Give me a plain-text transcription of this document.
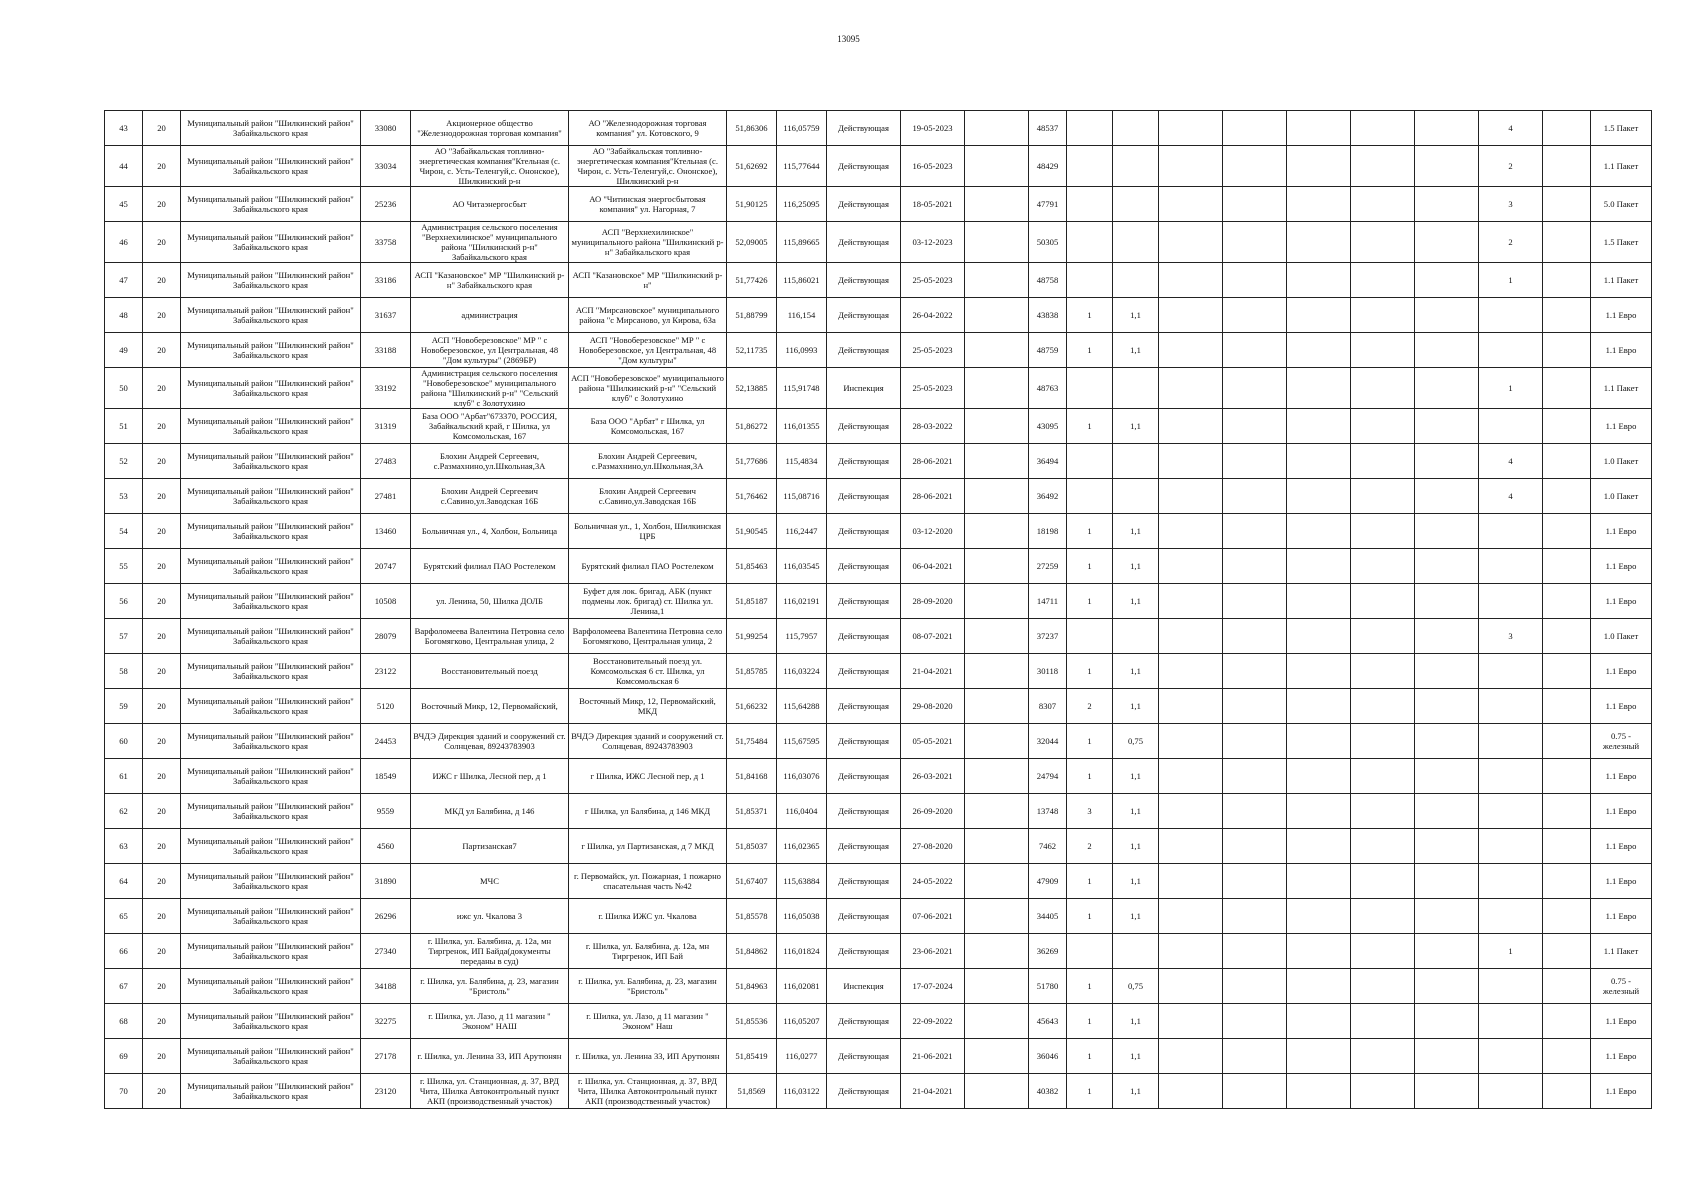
13095
43	20	Муниципальный район "Шилкинский район" Забайкальского края	33080	Акционерное общество "Железнодорожная торговая компания"	АО "Железнодорожная торговая компания" ул. Котовского, 9	51,86306	116,05759	Действующая	19-05-2023		48537								4		1.5 Пакет
44	20	Муниципальный район "Шилкинский район" Забайкальского края	33034	АО "Забайкальская топливно-энергетическая компания"Ктельная (с. Чирон, с. Усть-Теленгуй,с. Ононское), Шилкинский р-н	АО "Забайкальская топливно-энергетическая компания"Ктельная (с. Чирон, с. Усть-Теленгуй,с. Ононское), Шилкинский р-н	51,62692	115,77644	Действующая	16-05-2023		48429								2		1.1 Пакет
45	20	Муниципальный район "Шилкинский район" Забайкальского края	25236	АО Читаэнергосбыт	АО "Читинская энергосбытовая компания" ул. Нагорная, 7	51,90125	116,25095	Действующая	18-05-2021		47791								3		5.0 Пакет
46	20	Муниципальный район "Шилкинский район" Забайкальского края	33758	Администрация сельского поселения "Верхнехилинское" муниципального района "Шилкинский р-н" Забайкальского края	АСП "Верхнехилинское" муниципального района "Шилкинский р-н" Забайкальского края	52,09005	115,89665	Действующая	03-12-2023		50305								2		1.5 Пакет
47	20	Муниципальный район "Шилкинский район" Забайкальского края	33186	АСП "Казановское" МР "Шилкинский р-н" Забайкальского края	АСП "Казановское" МР "Шилкинский р-н"	51,77426	115,86021	Действующая	25-05-2023		48758								1		1.1 Пакет
48	20	Муниципальный район "Шилкинский район" Забайкальского края	31637	администрация	АСП "Мирсановское" муниципального района "с Мирсаново, ул Кирова, 63а	51,88799	116,154	Действующая	26-04-2022		43838	1	1,1								1.1 Евро
49	20	Муниципальный район "Шилкинский район" Забайкальского края	33188	АСП "Новоберезовское" МР " с Новоберезовское, ул Центральная, 48 "Дом культуры" (2869БР)	АСП "Новоберезовское" МР " с Новоберезовское, ул Центральная, 48 "Дом культуры"	52,11735	116,0993	Действующая	25-05-2023		48759	1	1,1								1.1 Евро
50	20	Муниципальный район "Шилкинский район" Забайкальского края	33192	Администрация сельского поселения "Новоберезовское" муниципального района "Шилкинский р-н" "Сельский клуб" с Золотухино	АСП "Новоберезовское" муниципального района "Шилкинский р-н" "Сельский клуб" с Золотухино	52,13885	115,91748	Инспекция	25-05-2023		48763								1		1.1 Пакет
51	20	Муниципальный район "Шилкинский район" Забайкальского края	31319	База ООО "Арбат"673370, РОССИЯ, Забайкальский край, г Шилка, ул Комсомольская, 167	База ООО "Арбат" г Шилка, ул Комсомольская, 167	51,86272	116,01355	Действующая	28-03-2022		43095	1	1,1								1.1 Евро
52	20	Муниципальный район "Шилкинский район" Забайкальского края	27483	Блохин Андрей Сергеевич, с.Размахнино,ул.Школьная,3А	Блохин Андрей Сергеевич, с.Размахнино,ул.Школьная,3А	51,77686	115,4834	Действующая	28-06-2021		36494								4		1.0 Пакет
53	20	Муниципальный район "Шилкинский район" Забайкальского края	27481	Блохин Андрей Сергеевич с.Савино,ул.Заводская 16Б	Блохин Андрей Сергеевич с.Савино,ул.Заводская 16Б	51,76462	115,08716	Действующая	28-06-2021		36492								4		1.0 Пакет
54	20	Муниципальный район "Шилкинский район" Забайкальского края	13460	Больничная ул., 4, Холбон, Больница	Больничная ул., 1, Холбон, Шилкинская ЦРБ	51,90545	116,2447	Действующая	03-12-2020		18198	1	1,1								1.1 Евро
55	20	Муниципальный район "Шилкинский район" Забайкальского края	20747	Бурятский филиал ПАО Ростелеком	Бурятский филиал ПАО Ростелеком	51,85463	116,03545	Действующая	06-04-2021		27259	1	1,1								1.1 Евро
56	20	Муниципальный район "Шилкинский район" Забайкальского края	10508	ул. Ленина, 50, Шилка ДОЛБ	Буфет для лок. бригад, АБК (пункт подмены лок. бригад) ст. Шилка ул. Ленина,1	51,85187	116,02191	Действующая	28-09-2020		14711	1	1,1								1.1 Евро
57	20	Муниципальный район "Шилкинский район" Забайкальского края	28079	Варфоломеева Валентина Петровна село Богомягково, Центральная улица, 2	Варфоломеева Валентина Петровна село Богомягково, Центральная улица, 2	51,99254	115,7957	Действующая	08-07-2021		37237								3		1.0 Пакет
58	20	Муниципальный район "Шилкинский район" Забайкальского края	23122	Восстановительный поезд	Восстановительный поезд ул. Комсомольская 6 ст. Шилка, ул Комсомольская 6	51,85785	116,03224	Действующая	21-04-2021		30118	1	1,1								1.1 Евро
59	20	Муниципальный район "Шилкинский район" Забайкальского края	5120	Восточный Микр, 12, Первомайский,	Восточный Микр, 12, Первомайский, МКД	51,66232	115,64288	Действующая	29-08-2020		8307	2	1,1								1.1 Евро
60	20	Муниципальный район "Шилкинский район" Забайкальского края	24453	ВЧДЭ Дирекция зданий и сооружений ст. Солнцевая, 89243783903	ВЧДЭ Дирекция зданий и сооружений ст. Солнцевая, 89243783903	51,75484	115,67595	Действующая	05-05-2021		32044	1	0,75								0.75 - железный
61	20	Муниципальный район "Шилкинский район" Забайкальского края	18549	ИЖС г Шилка, Лесной пер, д 1	г Шилка, ИЖС Лесной пер, д 1	51,84168	116,03076	Действующая	26-03-2021		24794	1	1,1								1.1 Евро
62	20	Муниципальный район "Шилкинский район" Забайкальского края	9559	МКД ул Балябина, д 146	г Шилка, ул Балябина, д 146 МКД	51,85371	116,0404	Действующая	26-09-2020		13748	3	1,1								1.1 Евро
63	20	Муниципальный район "Шилкинский район" Забайкальского края	4560	Партизанская7	г Шилка, ул Партизанская, д 7 МКД	51,85037	116,02365	Действующая	27-08-2020		7462	2	1,1								1.1 Евро
64	20	Муниципальный район "Шилкинский район" Забайкальского края	31890	МЧС	г. Первомайск, ул. Пожарная, 1 пожарно спасательная часть №42	51,67407	115,63884	Действующая	24-05-2022		47909	1	1,1								1.1 Евро
65	20	Муниципальный район "Шилкинский район" Забайкальского края	26296	ижс ул. Чкалова 3	г. Шилка ИЖС ул. Чкалова	51,85578	116,05038	Действующая	07-06-2021		34405	1	1,1								1.1 Евро
66	20	Муниципальный район "Шилкинский район" Забайкальского края	27340	г. Шилка, ул. Балябина, д. 12а, мн Тиргренок, ИП Байда(документы переданы в суд)	г. Шилка, ул. Балябина, д. 12а, мн Тиргренок, ИП Бай	51,84862	116,01824	Действующая	23-06-2021		36269								1		1.1 Пакет
67	20	Муниципальный район "Шилкинский район" Забайкальского края	34188	г. Шилка, ул. Балябина, д. 23, магазин "Бристоль"	г. Шилка, ул. Балябина, д. 23, магазин "Бристоль"	51,84963	116,02081	Инспекция	17-07-2024		51780	1	0,75								0.75 - железный
68	20	Муниципальный район "Шилкинский район" Забайкальского края	32275	г. Шилка, ул. Лазо, д 11 магазин " Эконом" НАШ	г. Шилка, ул. Лазо, д 11 магазин " Эконом" Наш	51,85536	116,05207	Действующая	22-09-2022		45643	1	1,1								1.1 Евро
69	20	Муниципальный район "Шилкинский район" Забайкальского края	27178	г. Шилка, ул. Ленина 33, ИП Арутюнян	г. Шилка, ул. Ленина 33, ИП Арутюнян	51,85419	116,0277	Действующая	21-06-2021		36046	1	1,1								1.1 Евро
70	20	Муниципальный район "Шилкинский район" Забайкальского края	23120	г. Шилка, ул. Станционная, д. 37, ВРД Чита, Шилка Автоконтрольный пункт АКП (производственный участок)	г. Шилка, ул. Станционная, д. 37, ВРД Чита, Шилка Автоконтрольный пункт АКП (производственный участок)	51,8569	116,03122	Действующая	21-04-2021		40382	1	1,1								1.1 Евро
